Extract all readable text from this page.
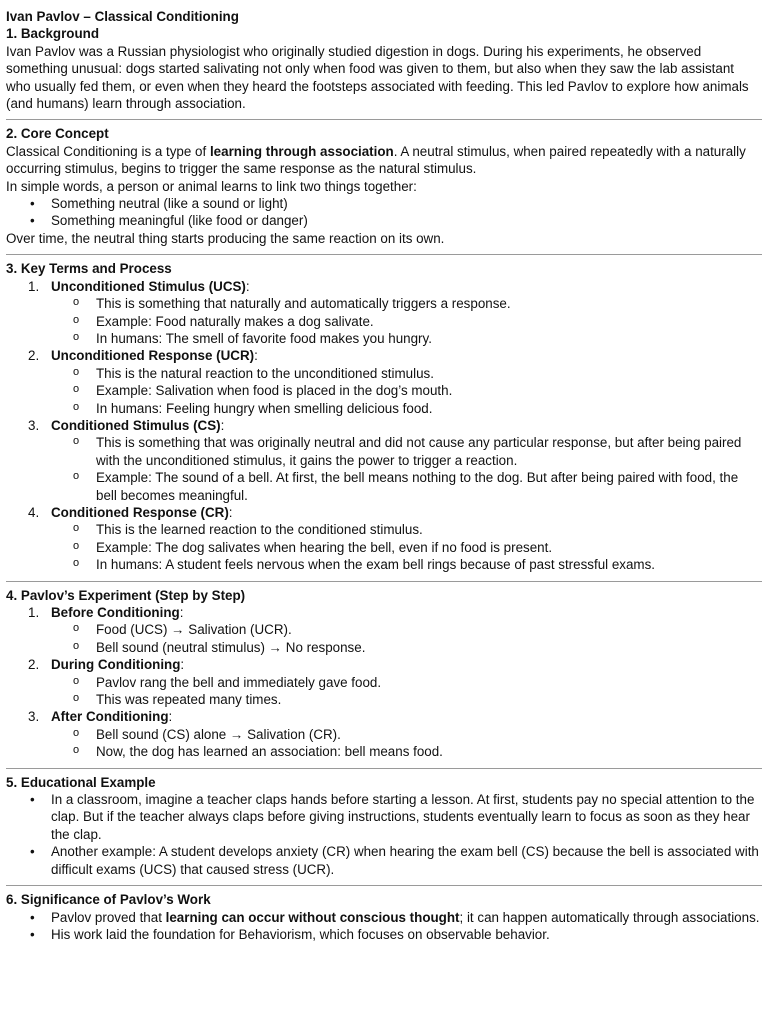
Ivan Pavlov – Classical Conditioning
1. Background

Ivan Pavlov was a Russian physiologist who originally studied digestion in dogs. During his experiments, he observed something unusual: dogs started salivating not only when food was given to them, but also when they saw the lab assistant who usually fed them, or even when they heard the footsteps associated with feeding. This led Pavlov to explore how animals (and humans) learn through association.

2. Core Concept

Classical Conditioning is a type of learning through association. A neutral stimulus, when paired repeatedly with a naturally occurring stimulus, begins to trigger the same response as the natural stimulus.

In simple words, a person or animal learns to link two things together:

• Something neutral (like a sound or light)
• Something meaningful (like food or danger)

Over time, the neutral thing starts producing the same reaction on its own.

3. Key Terms and Process
1. Unconditioned Stimulus (UCS):
o This is something that naturally and automatically triggers a response.
o Example: Food naturally makes a dog salivate.
o In humans: The smell of favorite food makes you hungry.
2. Unconditioned Response (UCR):
o This is the natural reaction to the unconditioned stimulus.
o Example: Salivation when food is placed in the dog’s mouth.
o In humans: Feeling hungry when smelling delicious food.
3. Conditioned Stimulus (CS):
o This is something that was originally neutral and did not cause any particular response, but after being paired with the unconditioned stimulus, it gains the power to trigger a reaction.
o Example: The sound of a bell. At first, the bell means nothing to the dog. But after being paired with food, the bell becomes meaningful.
4. Conditioned Response (CR):
o This is the learned reaction to the conditioned stimulus.
o Example: The dog salivates when hearing the bell, even if no food is present.
o In humans: A student feels nervous when the exam bell rings because of past stressful exams.
4. Pavlov’s Experiment (Step by Step)
1. Before Conditioning:
o Food (UCS) → Salivation (UCR).
o Bell sound (neutral stimulus) → No response.
2. During Conditioning:
o Pavlov rang the bell and immediately gave food.
o This was repeated many times.
3. After Conditioning:
o Bell sound (CS) alone → Salivation (CR).
o Now, the dog has learned an association: bell means food.
5. Educational Example
• In a classroom, imagine a teacher claps hands before starting a lesson. At first, students pay no special attention to the clap. But if the teacher always claps before giving instructions, students eventually learn to focus as soon as they hear the clap.
• Another example: A student develops anxiety (CR) when hearing the exam bell (CS) because the bell is associated with difficult exams (UCS) that caused stress (UCR).
6. Significance of Pavlov’s Work
• Pavlov proved that learning can occur without conscious thought; it can happen automatically through associations.
• His work laid the foundation for Behaviorism, which focuses on observable behavior.
